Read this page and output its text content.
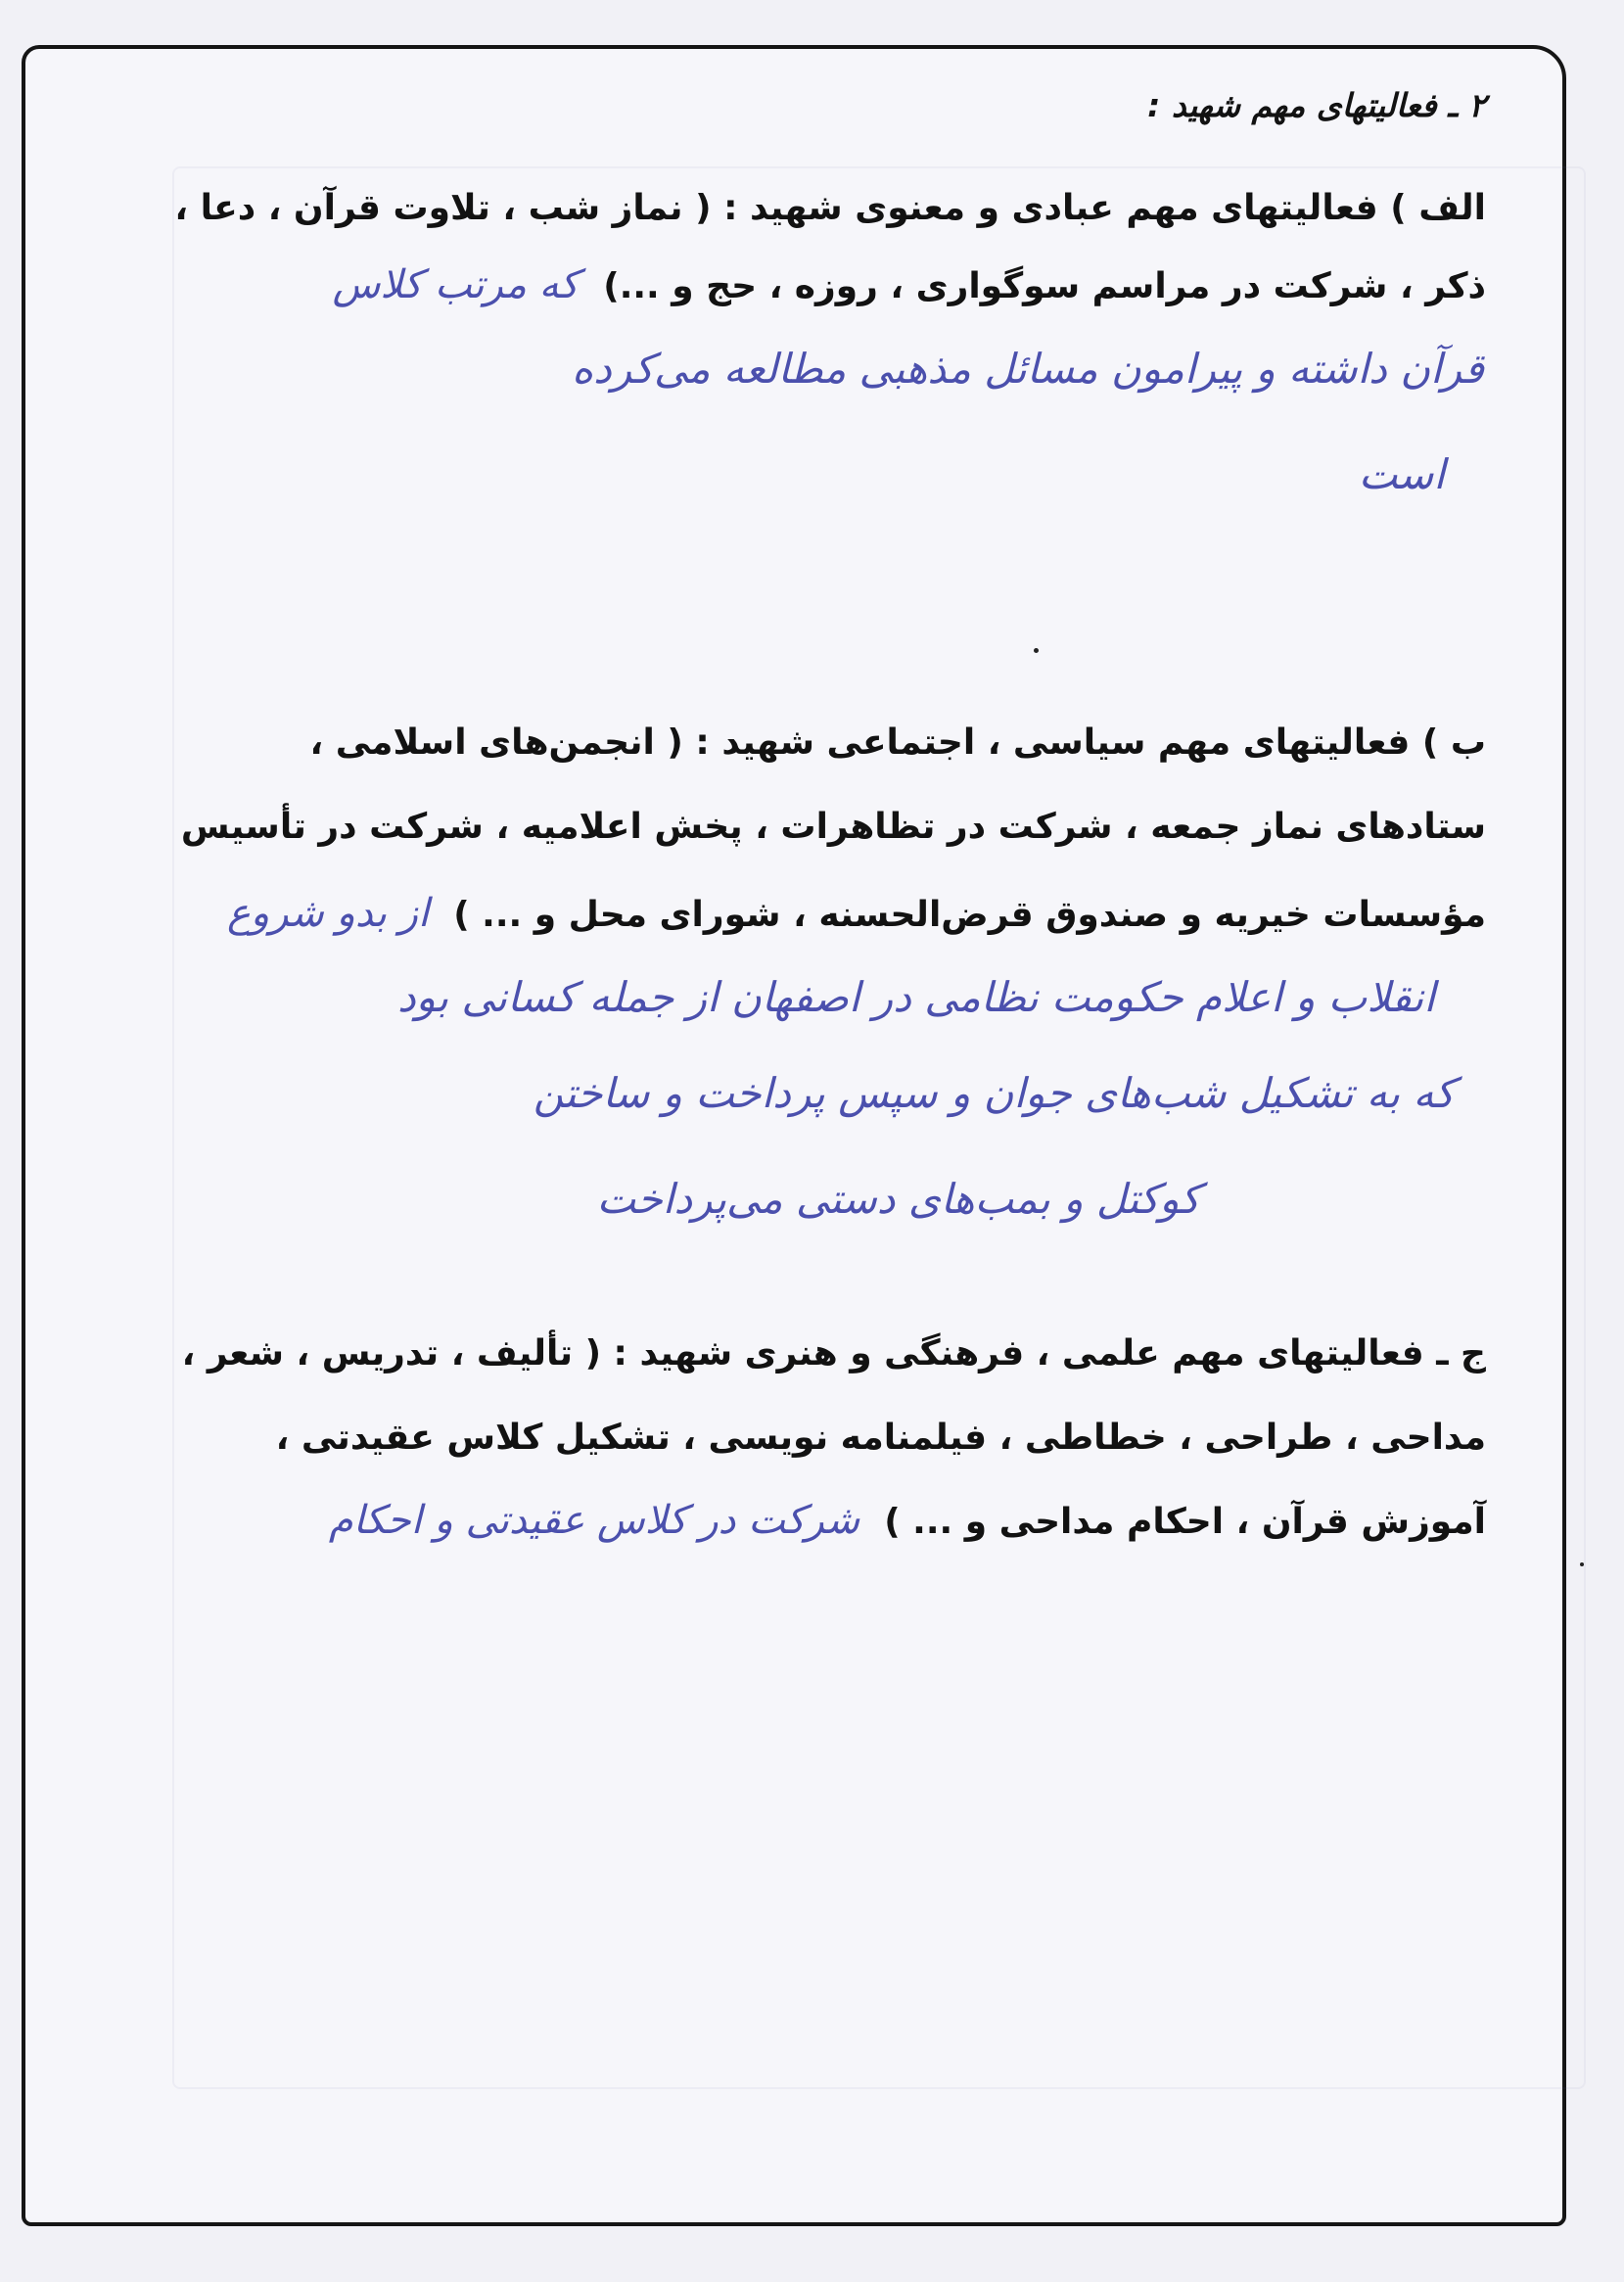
۲ ـ فعالیتهای مهم شهید :

الف ) فعالیتهای مهم عبادی و معنوی شهید : ( نماز شب ، تلاوت قرآن ، دعا ،

ذکر ، شرکت در مراسم سوگواری ، روزه ، حج و ...)  که مرتب کلاس

قرآن داشته و پیرامون مسائل مذهبی مطالعه می‌کرده

است

ب ) فعالیتهای مهم سیاسی ، اجتماعی شهید : ( انجمن‌های اسلامی ،

ستادهای نماز جمعه ، شرکت در تظاهرات ، پخش اعلامیه ، شرکت در تأسیس

مؤسسات خیریه و صندوق قرض‌الحسنه ، شورای محل و ... )  از بدو شروع

انقلاب و اعلام حکومت نظامی در اصفهان از جمله کسانی بود

که به تشکیل شب‌های جوان و سپس پرداخت و ساختن

کوکتل و بمب‌های دستی می‌پرداخت

ج ـ فعالیتهای مهم علمی ، فرهنگی و هنری شهید : ( تألیف ، تدریس ، شعر ،

مداحی ، طراحی ، خطاطی ، فیلمنامه نویسی ، تشکیل کلاس عقیدتی ،

آموزش قرآن ، احکام مداحی و ... )  شرکت در کلاس عقیدتی و احکام
